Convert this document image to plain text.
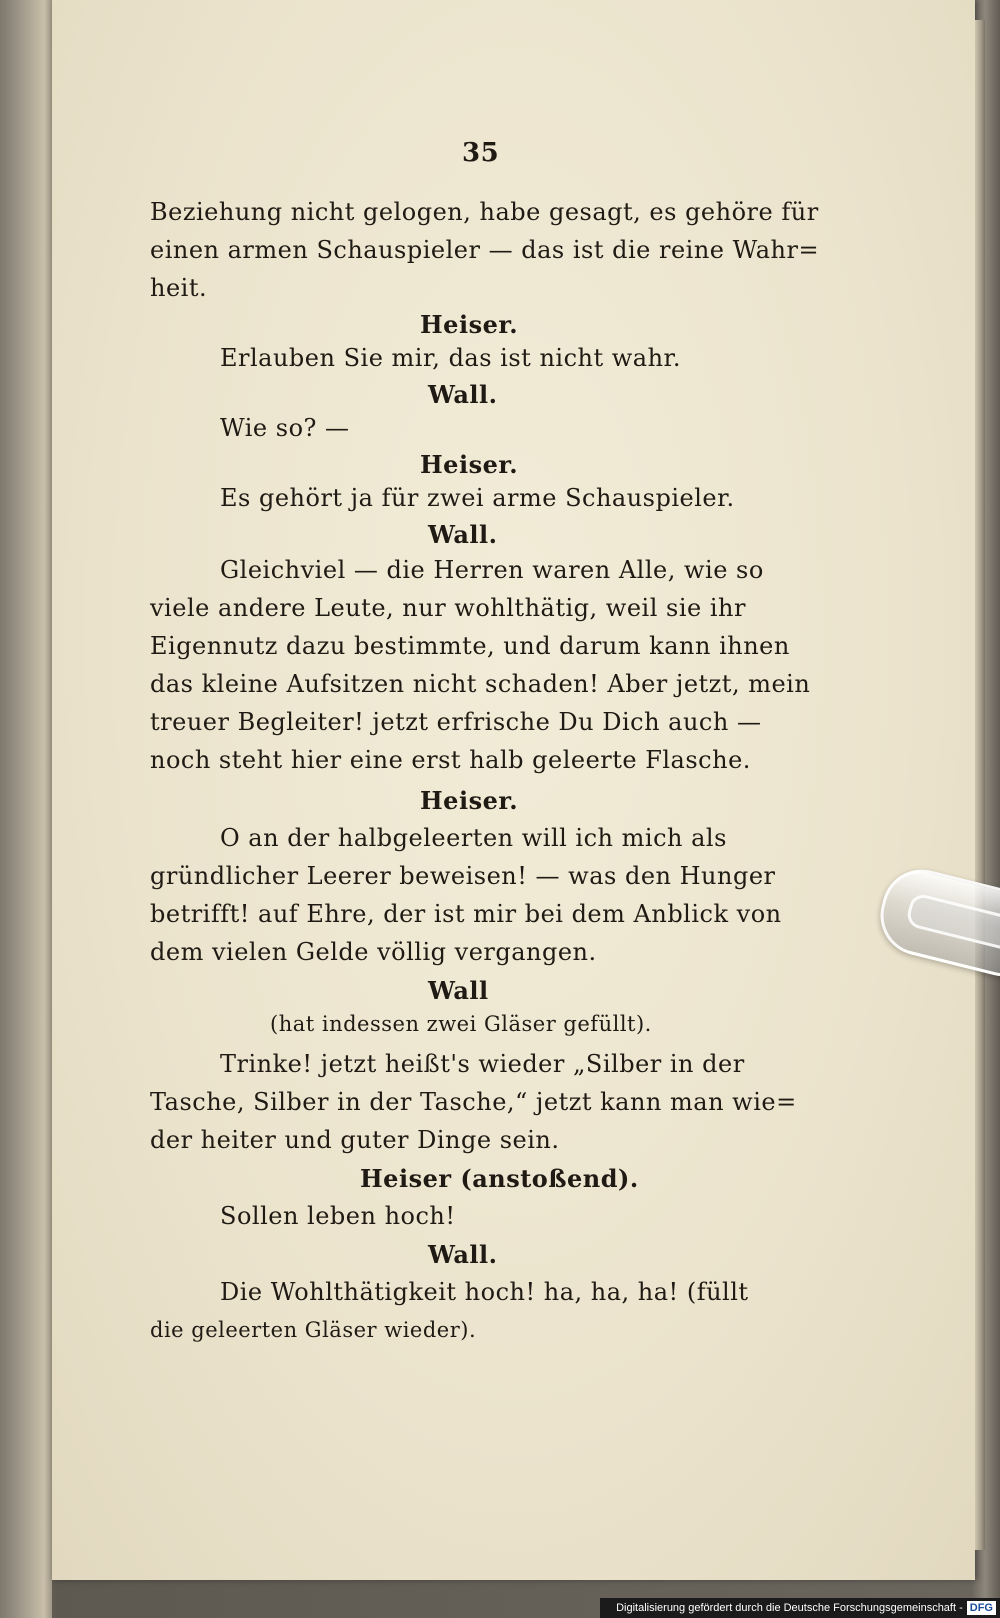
35
Beziehung nicht gelogen, habe gesagt, es gehöre für
einen armen Schauspieler — das ist die reine Wahr=
heit.
Heiser.
Erlauben Sie mir, das ist nicht wahr.
Wall.
Wie so? —
Heiser.
Es gehört ja für zwei arme Schauspieler.
Wall.
Gleichviel — die Herren waren Alle, wie so
viele andere Leute, nur wohlthätig, weil sie ihr
Eigennutz dazu bestimmte, und darum kann ihnen
das kleine Aufsitzen nicht schaden! Aber jetzt, mein
treuer Begleiter! jetzt erfrische Du Dich auch —
noch steht hier eine erst halb geleerte Flasche.
Heiser.
O an der halbgeleerten will ich mich als
gründlicher Leerer beweisen! — was den Hunger
betrifft! auf Ehre, der ist mir bei dem Anblick von
dem vielen Gelde völlig vergangen.
Wall
(hat indessen zwei Gläser gefüllt).
Trinke! jetzt heißt's wieder „Silber in der
Tasche, Silber in der Tasche,“ jetzt kann man wie=
der heiter und guter Dinge sein.
Heiser (anstoßend).
Sollen leben hoch!
Wall.
Die Wohlthätigkeit hoch! ha, ha, ha! (füllt
die geleerten Gläser wieder).
Digitalisierung gefördert durch die Deutsche Forschungsgemeinschaft - DFG
